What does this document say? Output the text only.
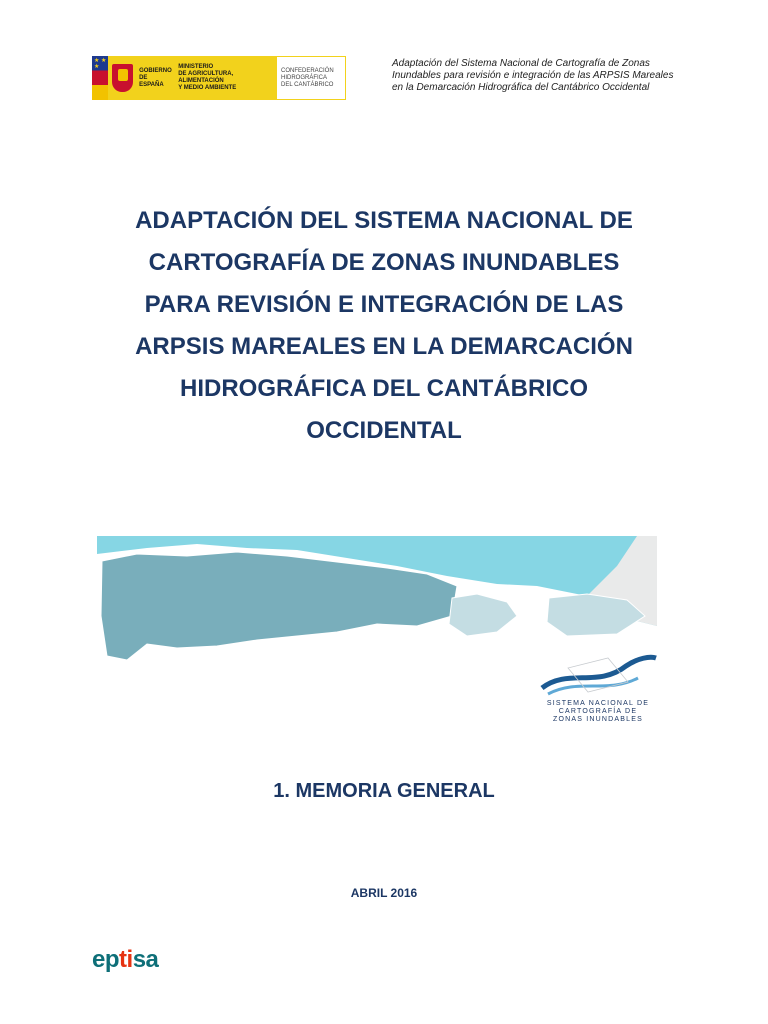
★ ★ ★
GOBIERNO
DE ESPAÑA
MINISTERIO
DE AGRICULTURA, ALIMENTACIÓN
Y MEDIO AMBIENTE
CONFEDERACIÓN
HIDROGRÁFICA
DEL CANTÁBRICO
Adaptación del Sistema Nacional de Cartografía de Zonas Inundables para revisión e integración de las ARPSIS Mareales en la Demarcación Hidrográfica del Cantábrico Occidental
ADAPTACIÓN DEL SISTEMA NACIONAL DE
CARTOGRAFÍA DE ZONAS INUNDABLES
PARA REVISIÓN E INTEGRACIÓN DE LAS
ARPSIS MAREALES EN LA DEMARCACIÓN
HIDROGRÁFICA DEL CANTÁBRICO
OCCIDENTAL
SISTEMA NACIONAL DE
CARTOGRAFÍA DE
ZONAS INUNDABLES
1. MEMORIA GENERAL
ABRIL 2016
eptisa
